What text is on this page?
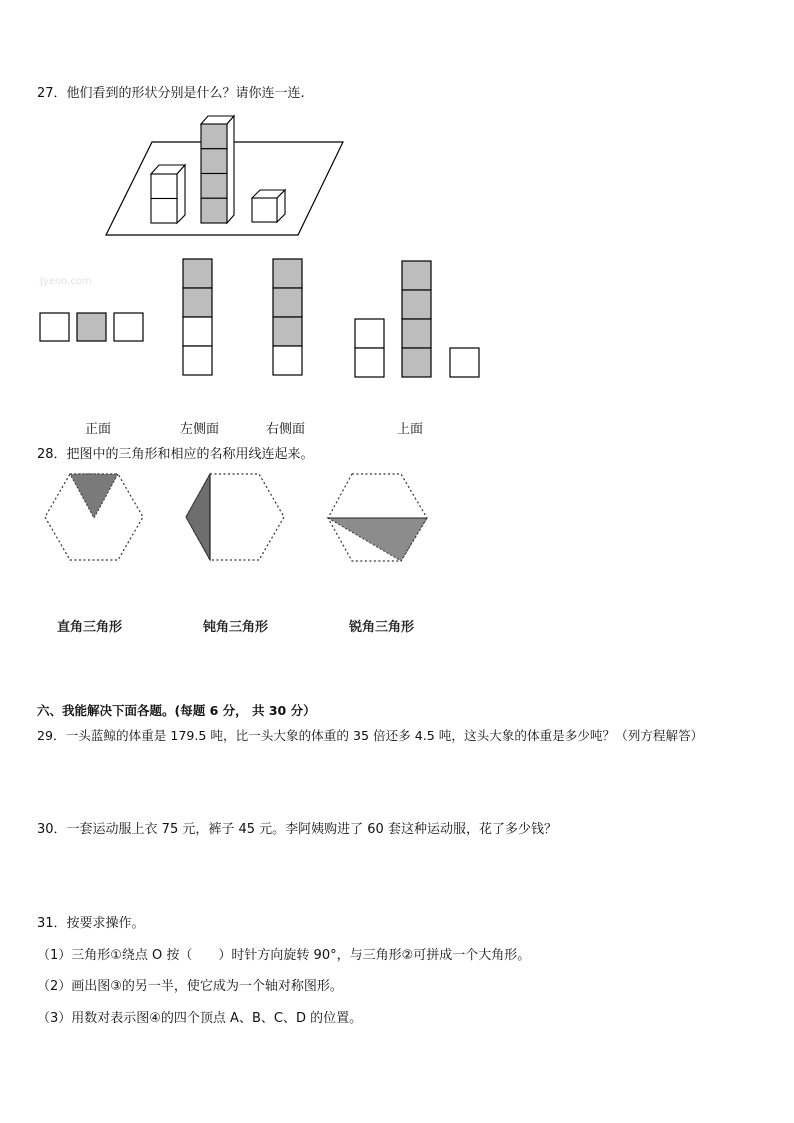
27．他们看到的形状分别是什么？请你连一连.
Jyeoo.com
正面	左侧面	右侧面	上面
28．把图中的三角形和相应的名称用线连起来。
直角三角形	钝角三角形	锐角三角形
六、我能解决下面各题。(每题 6 分， 共 30 分）
29．一头蓝鲸的体重是 179.5 吨，比一头大象的体重的 35 倍还多 4.5 吨，这头大象的体重是多少吨？（列方程解答）
30．一套运动服上衣 75 元，裤子 45 元。李阿姨购进了 60 套这种运动服，花了多少钱？
31．按要求操作。
（1）三角形①绕点 O 按（　　）时针方向旋转 90°，与三角形②可拼成一个大角形。
（2）画出图③的另一半，使它成为一个轴对称图形。
（3）用数对表示图④的四个顶点 A、B、C、D 的位置。
